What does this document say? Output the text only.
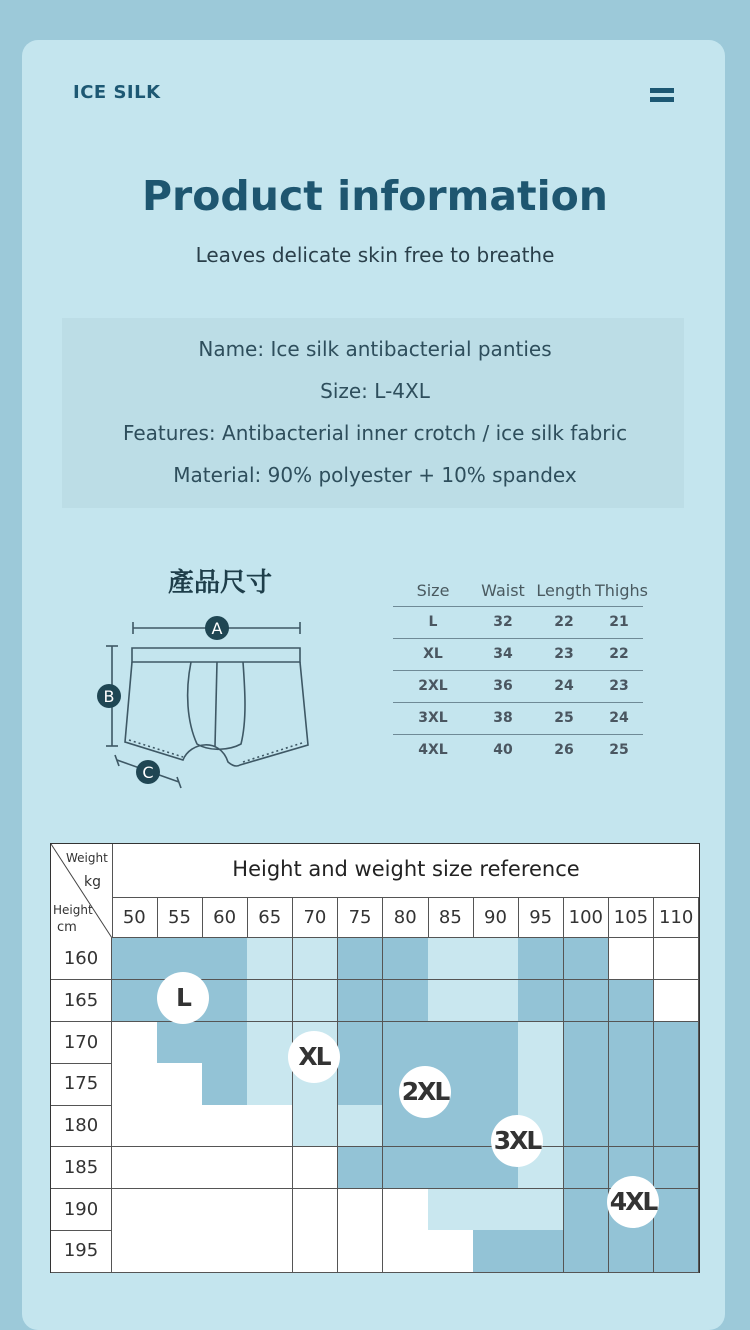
ICE SILK
Product information
Leaves delicate skin free to breathe
Name: Ice silk antibacterial panties
Size: L-4XL
Features: Antibacterial inner crotch / ice silk fabric
Material: 90% polyester + 10% spandex
產品尺寸
A
B
C
Size	Waist Length Thighs
L	32	22	21
XL	34	23	22
2XL	36	24	23
3XL	38	25	24
4XL	40	26	25
Weight
kg
Height
cm
Height and weight size reference
50	55	60	65	70	75	80	85	90	95 100 105 110
160
165
170
175
180
185
190
195
L
XL
2XL
3XL
4XL
